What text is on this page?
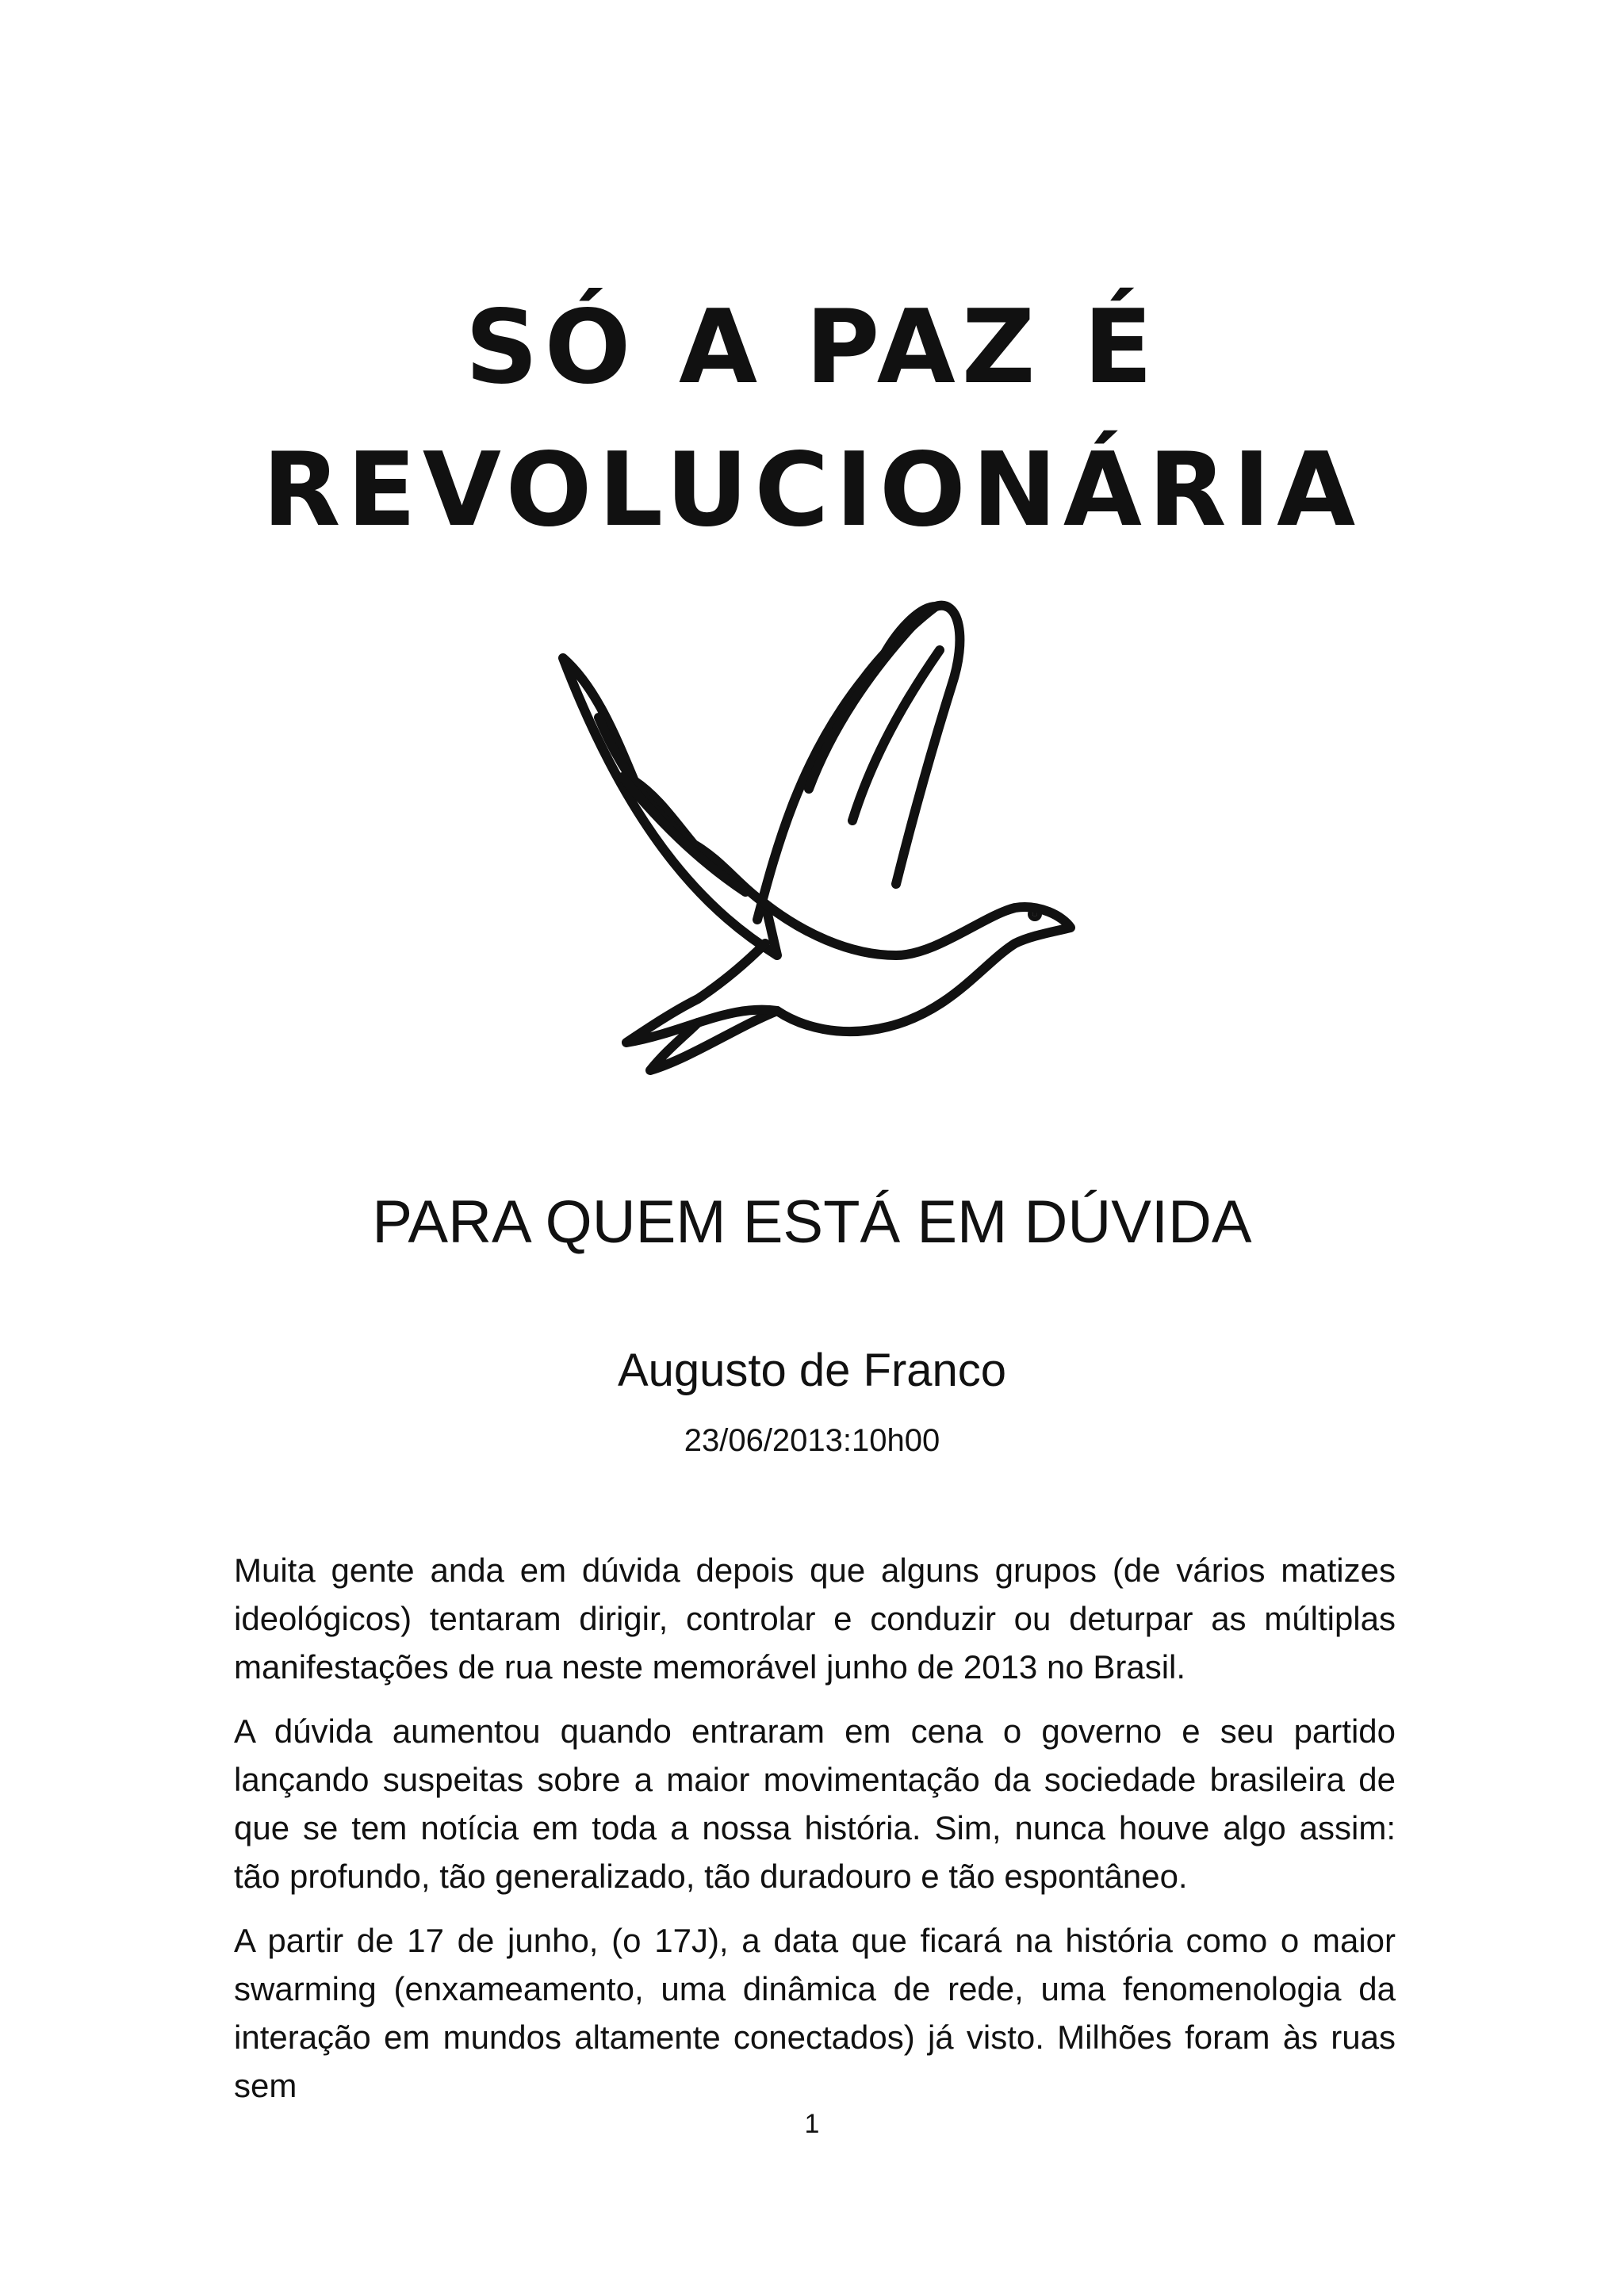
SÓ A PAZ É
REVOLUCIONÁRIA
PARA QUEM ESTÁ EM DÚVIDA
Augusto de Franco
23/06/2013:10h00

Muita gente anda em dúvida depois que alguns grupos (de vários matizes ideológicos) tentaram dirigir, controlar e conduzir ou deturpar as múltiplas manifestações de rua neste memorável junho de 2013 no Brasil.

A dúvida aumentou quando entraram em cena o governo e seu partido lançando suspeitas sobre a maior movimentação da sociedade brasileira de que se tem notícia em toda a nossa história. Sim, nunca houve algo assim: tão profundo, tão generalizado, tão duradouro e tão espontâneo.

A partir de 17 de junho, (o 17J), a data que ficará na história como o maior swarming (enxameamento, uma dinâmica de rede, uma fenomenologia da interação em mundos altamente conectados) já visto. Milhões foram às ruas sem

1
